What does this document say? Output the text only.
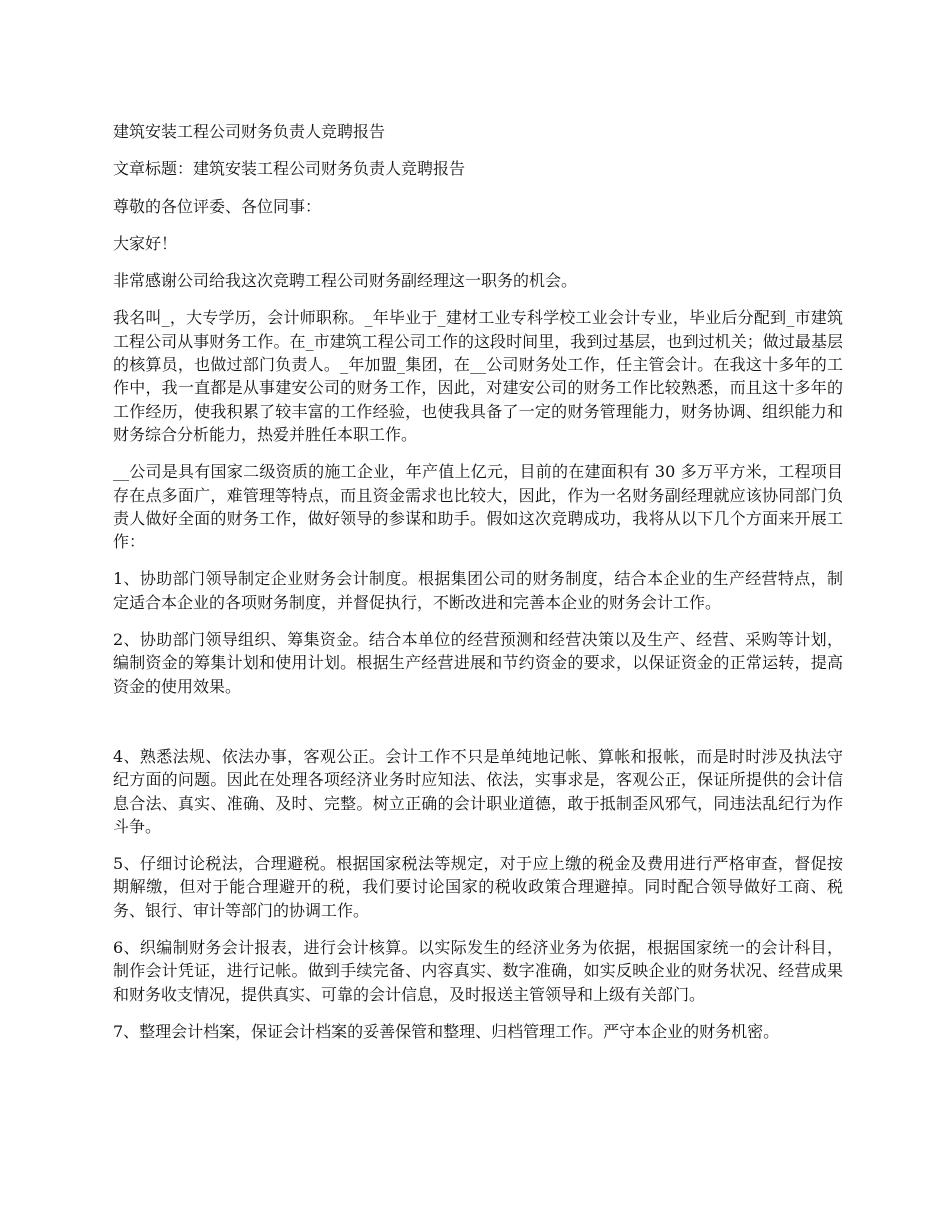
建筑安装工程公司财务负责人竞聘报告

文章标题：建筑安装工程公司财务负责人竞聘报告

尊敬的各位评委、各位同事：

大家好！

非常感谢公司给我这次竞聘工程公司财务副经理这一职务的机会。

我名叫_，大专学历，会计师职称。_年毕业于_建材工业专科学校工业会计专业，毕业后分配到_市建筑工程公司从事财务工作。在_市建筑工程公司工作的这段时间里，我到过基层，也到过机关；做过最基层的核算员，也做过部门负责人。_年加盟_集团，在__公司财务处工作，任主管会计。在我这十多年的工作中，我一直都是从事建安公司的财务工作，因此，对建安公司的财务工作比较熟悉，而且这十多年的工作经历，使我积累了较丰富的工作经验，也使我具备了一定的财务管理能力，财务协调、组织能力和财务综合分析能力，热爱并胜任本职工作。

__公司是具有国家二级资质的施工企业，年产值上亿元，目前的在建面积有 30 多万平方米，工程项目存在点多面广，难管理等特点，而且资金需求也比较大，因此，作为一名财务副经理就应该协同部门负责人做好全面的财务工作，做好领导的参谋和助手。假如这次竞聘成功，我将从以下几个方面来开展工作：

1、协助部门领导制定企业财务会计制度。根据集团公司的财务制度，结合本企业的生产经营特点，制定适合本企业的各项财务制度，并督促执行，不断改进和完善本企业的财务会计工作。

2、协助部门领导组织、筹集资金。结合本单位的经营预测和经营决策以及生产、经营、采购等计划，编制资金的筹集计划和使用计划。根据生产经营进展和节约资金的要求，以保证资金的正常运转，提高资金的使用效果。

4、熟悉法规、依法办事，客观公正。会计工作不只是单纯地记帐、算帐和报帐，而是时时涉及执法守纪方面的问题。因此在处理各项经济业务时应知法、依法，实事求是，客观公正，保证所提供的会计信息合法、真实、准确、及时、完整。树立正确的会计职业道德，敢于抵制歪风邪气，同违法乱纪行为作斗争。

5、仔细讨论税法，合理避税。根据国家税法等规定，对于应上缴的税金及费用进行严格审查，督促按期解缴，但对于能合理避开的税，我们要讨论国家的税收政策合理避掉。同时配合领导做好工商、税务、银行、审计等部门的协调工作。

6、织编制财务会计报表，进行会计核算。以实际发生的经济业务为依据，根据国家统一的会计科目，制作会计凭证，进行记帐。做到手续完备、内容真实、数字准确，如实反映企业的财务状况、经营成果和财务收支情况，提供真实、可靠的会计信息，及时报送主管领导和上级有关部门。

7、整理会计档案，保证会计档案的妥善保管和整理、归档管理工作。严守本企业的财务机密。
